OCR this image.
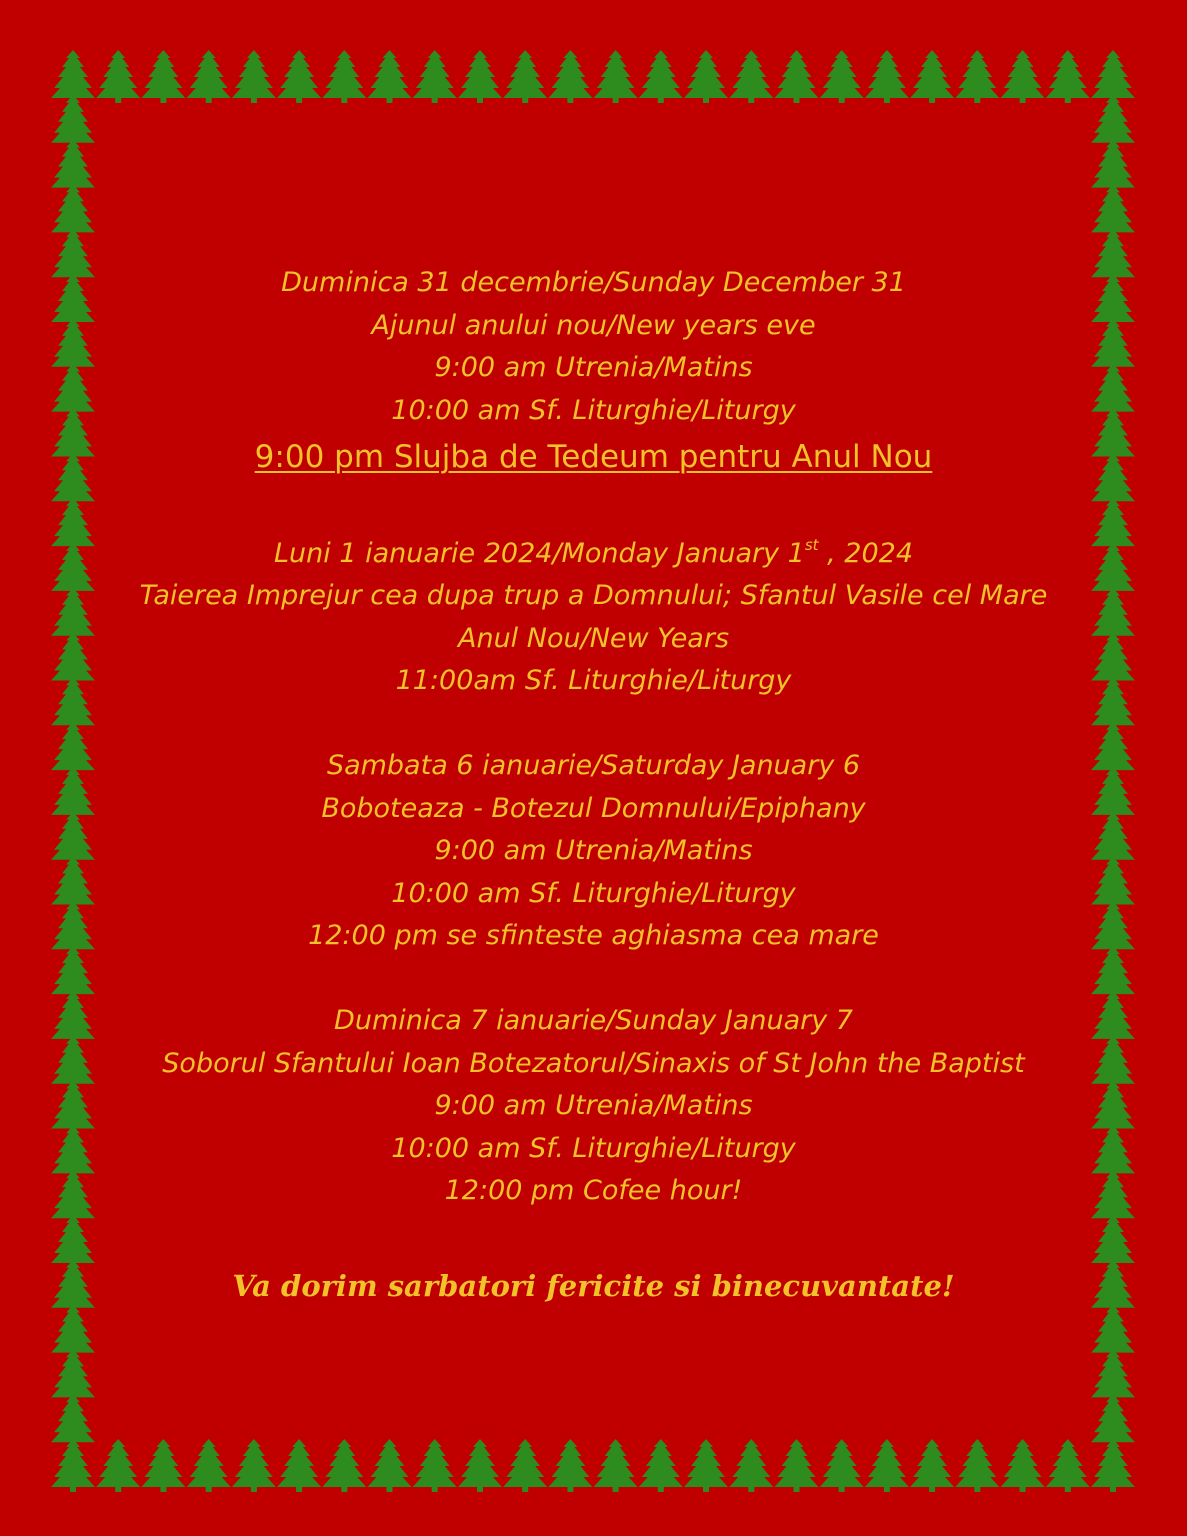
Duminica 31 decembrie/Sunday December 31
Ajunul anului nou/New years eve
9:00 am Utrenia/Matins
10:00 am Sf. Liturghie/Liturgy
9:00 pm Slujba de Tedeum pentru Anul Nou
Luni 1 ianuarie 2024/Monday January 1st , 2024
Taierea Imprejur cea dupa trup a Domnului; Sfantul Vasile cel Mare
Anul Nou/New Years
11:00am Sf. Liturghie/Liturgy
Sambata 6 ianuarie/Saturday January 6
Boboteaza - Botezul Domnului/Epiphany
9:00 am Utrenia/Matins
10:00 am Sf. Liturghie/Liturgy
12:00 pm se sfinteste aghiasma cea mare
Duminica 7 ianuarie/Sunday January 7
Soborul Sfantului Ioan Botezatorul/Sinaxis of St John the Baptist
9:00 am Utrenia/Matins
10:00 am Sf. Liturghie/Liturgy
12:00 pm Cofee hour!
Va dorim sarbatori fericite si binecuvantate!
